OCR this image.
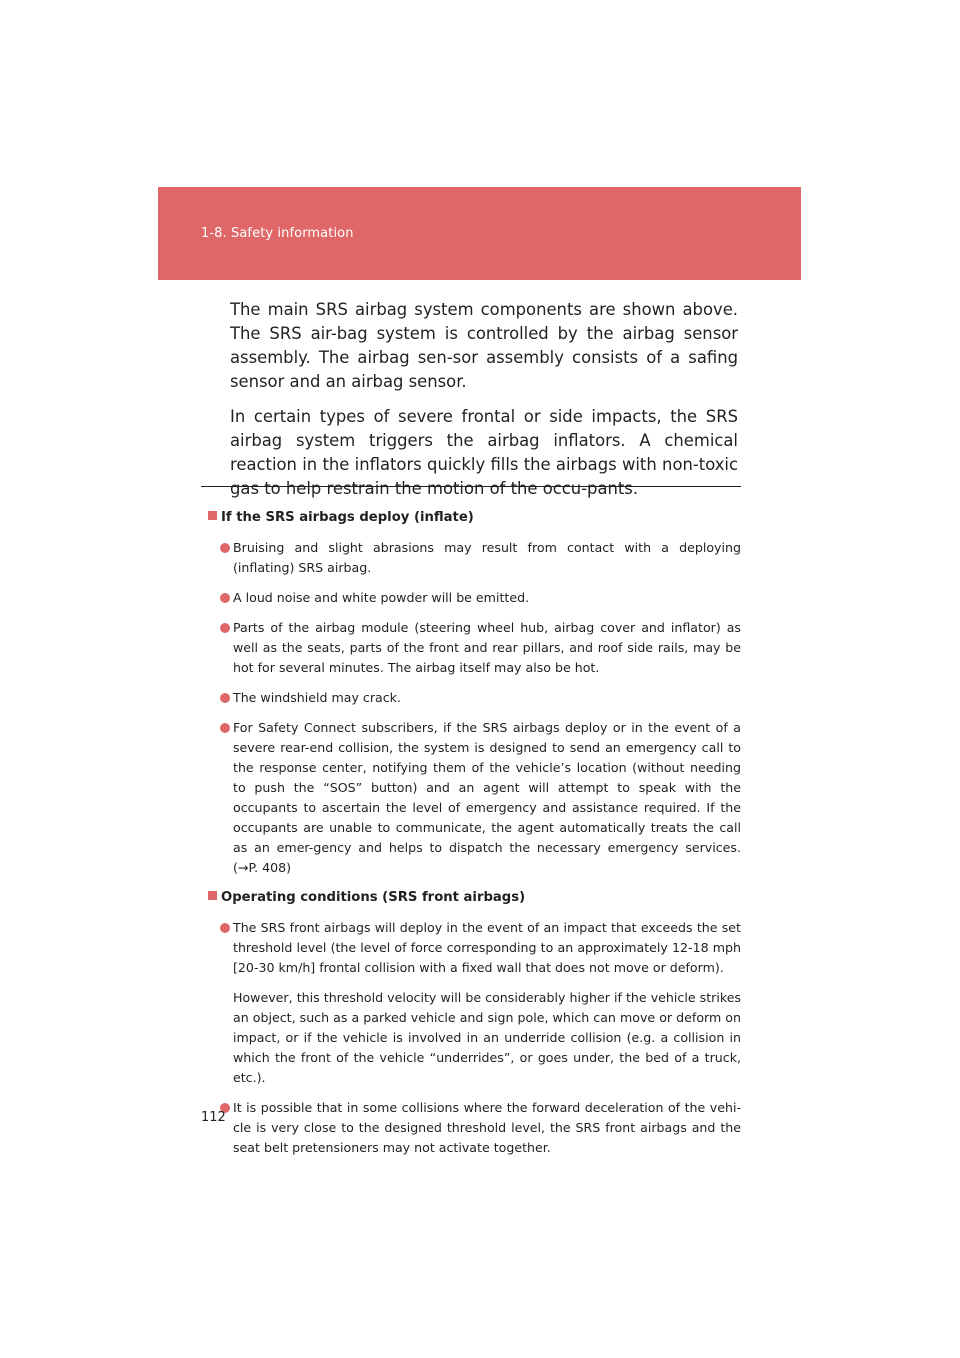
1-8. Safety information

The main SRS airbag system components are shown above. The SRS air-bag system is controlled by the airbag sensor assembly. The airbag sen-sor assembly consists of a safing sensor and an airbag sensor.

In certain types of severe frontal or side impacts, the SRS airbag system triggers the airbag inflators. A chemical reaction in the inflators quickly fills the airbags with non-toxic gas to help restrain the motion of the occu-pants.

If the SRS airbags deploy (inflate)

Bruising and slight abrasions may result from contact with a deploying (inflating) SRS airbag.

A loud noise and white powder will be emitted.

Parts of the airbag module (steering wheel hub, airbag cover and inflator) as well as the seats, parts of the front and rear pillars, and roof side rails, may be hot for several minutes. The airbag itself may also be hot.

The windshield may crack.

For Safety Connect subscribers, if the SRS airbags deploy or in the event of a severe rear-end collision, the system is designed to send an emergency call to the response center, notifying them of the vehicle’s location (without needing to push the “SOS” button) and an agent will attempt to speak with the occupants to ascertain the level of emergency and assistance required. If the occupants are unable to communicate, the agent automatically treats the call as an emer-gency and helps to dispatch the necessary emergency services. (→P. 408)

Operating conditions (SRS front airbags)

The SRS front airbags will deploy in the event of an impact that exceeds the set threshold level (the level of force corresponding to an approximately 12-18 mph [20-30 km/h] frontal collision with a fixed wall that does not move or deform).

However, this threshold velocity will be considerably higher if the vehicle strikes an object, such as a parked vehicle and sign pole, which can move or deform on impact, or if the vehicle is involved in an underride collision (e.g. a collision in which the front of the vehicle “underrides”, or goes under, the bed of a truck, etc.).

It is possible that in some collisions where the forward deceleration of the vehi-cle is very close to the designed threshold level, the SRS front airbags and the seat belt pretensioners may not activate together.

112
